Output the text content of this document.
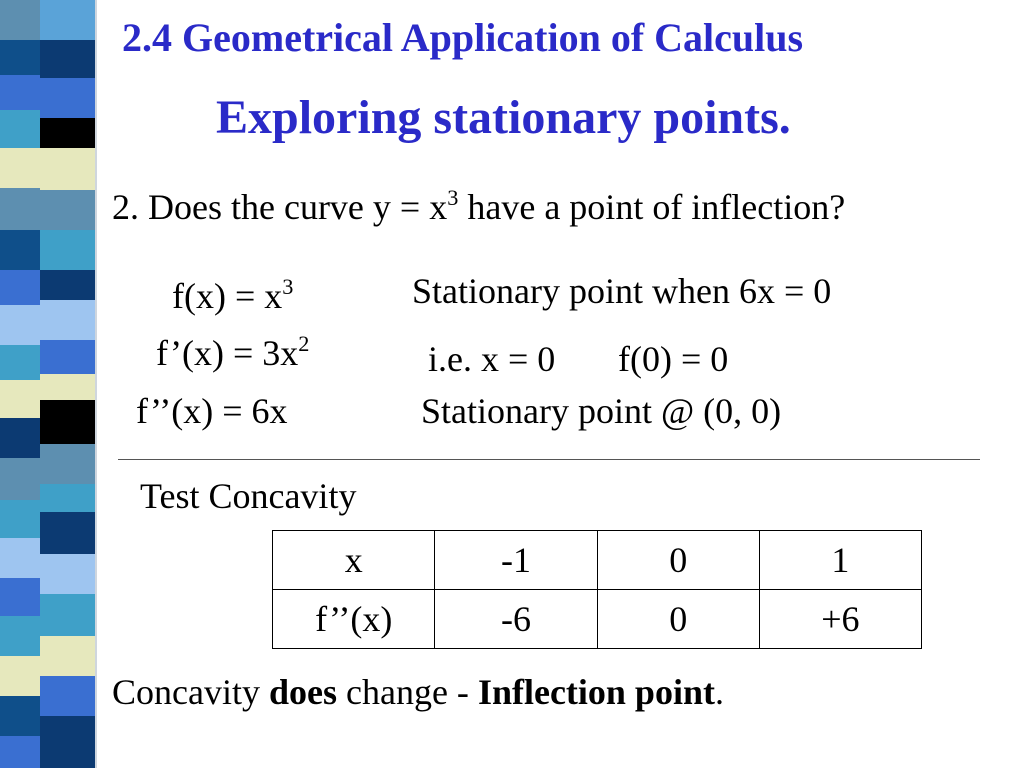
2.4 Geometrical Application of Calculus
Exploring stationary points.
2. Does the curve $y = x^3$ have a point of inflection?
$f(x) = x^3$
f’(x) = $3x^2$
f’’(x) = 6x
Stationary point when 6x = 0
i.e. x = 0 f(0) = 0
Stationary point @ (0, 0)
Test Concavity
x	-1	0	1
f’’(x)	-6	0	+6
Concavity does change - Inflection point.
